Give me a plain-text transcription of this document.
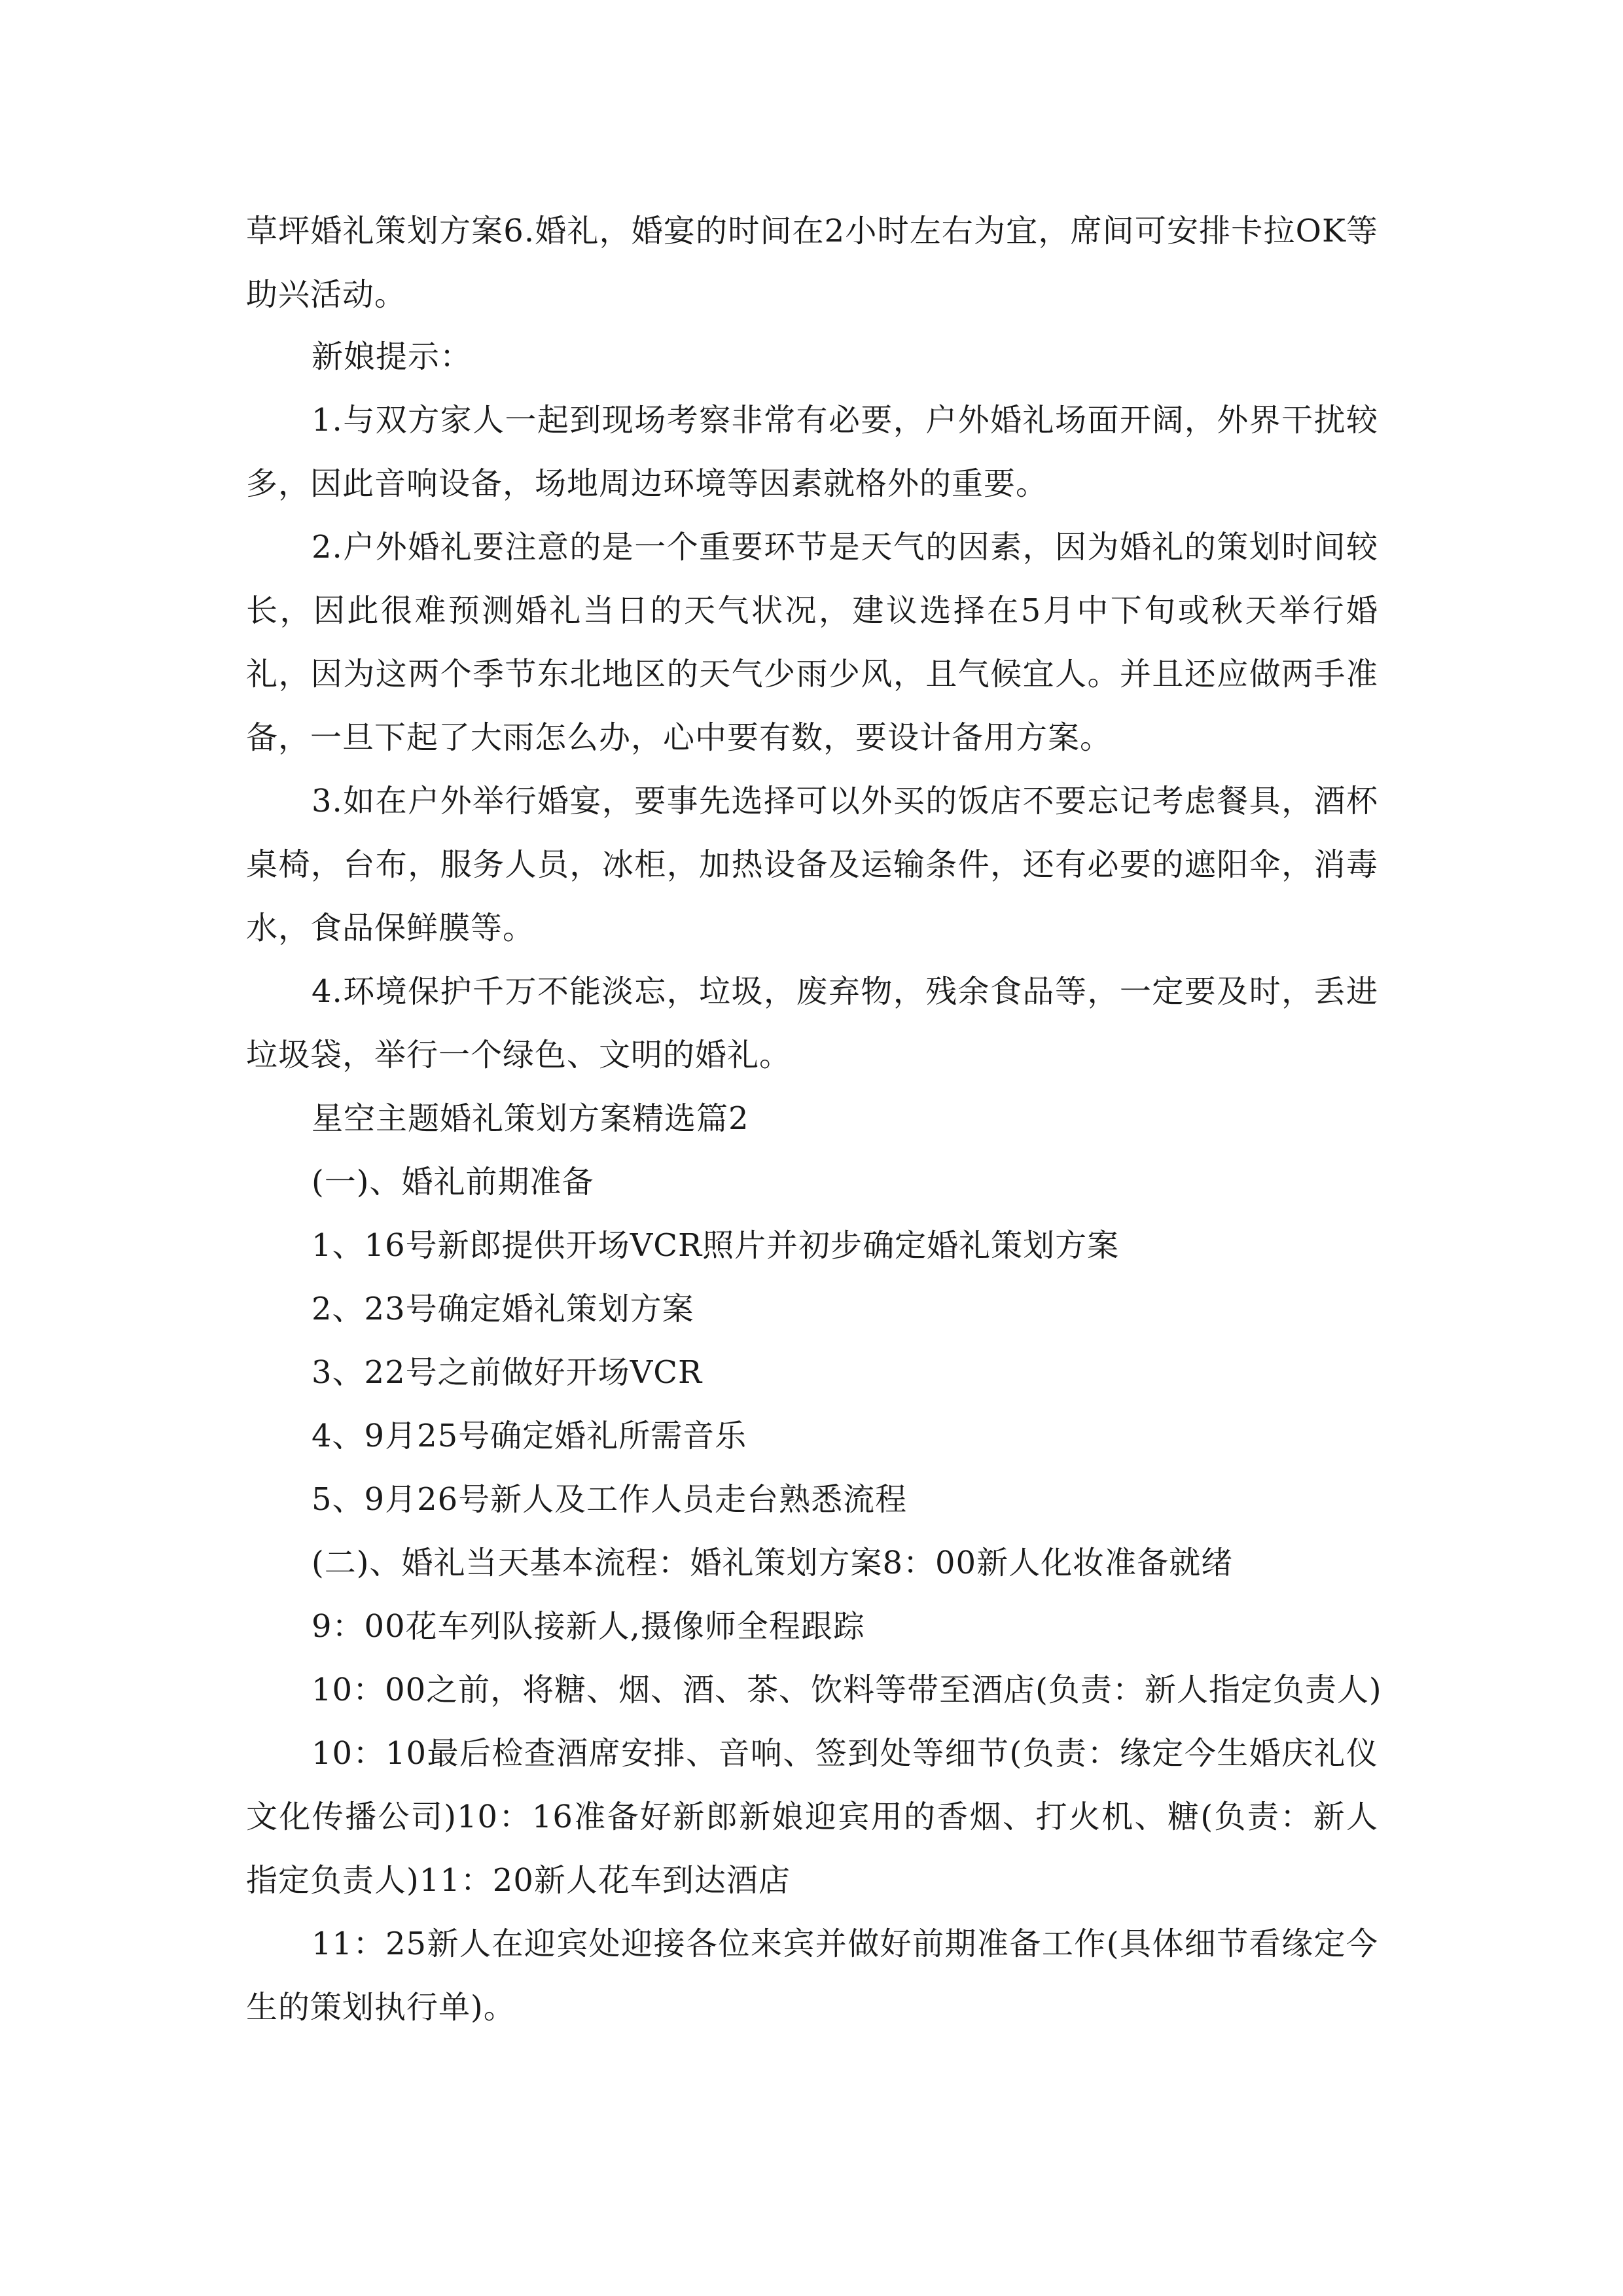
草坪婚礼策划方案6.婚礼，婚宴的时间在2小时左右为宜，席间可安排卡拉OK等助兴活动。

新娘提示：

1.与双方家人一起到现场考察非常有必要，户外婚礼场面开阔，外界干扰较多，因此音响设备，场地周边环境等因素就格外的重要。

2.户外婚礼要注意的是一个重要环节是天气的因素，因为婚礼的策划时间较长，因此很难预测婚礼当日的天气状况，建议选择在5月中下旬或秋天举行婚礼，因为这两个季节东北地区的天气少雨少风，且气候宜人。并且还应做两手准备，一旦下起了大雨怎么办，心中要有数，要设计备用方案。

3.如在户外举行婚宴，要事先选择可以外买的饭店不要忘记考虑餐具，酒杯桌椅，台布，服务人员，冰柜，加热设备及运输条件，还有必要的遮阳伞，消毒水，食品保鲜膜等。

4.环境保护千万不能淡忘，垃圾，废弃物，残余食品等，一定要及时，丢进垃圾袋，举行一个绿色、文明的婚礼。

星空主题婚礼策划方案精选篇2

(一)、婚礼前期准备

1、16号新郎提供开场VCR照片并初步确定婚礼策划方案

2、23号确定婚礼策划方案

3、22号之前做好开场VCR

4、9月25号确定婚礼所需音乐

5、9月26号新人及工作人员走台熟悉流程

(二)、婚礼当天基本流程：婚礼策划方案8：00新人化妆准备就绪

9：00花车列队接新人,摄像师全程跟踪

10：00之前，将糖、烟、酒、茶、饮料等带至酒店(负责：新人指定负责人)

10：10最后检查酒席安排、音响、签到处等细节(负责：缘定今生婚庆礼仪文化传播公司)10：16准备好新郎新娘迎宾用的香烟、打火机、糖(负责：新人指定负责人)11：20新人花车到达酒店

11：25新人在迎宾处迎接各位来宾并做好前期准备工作(具体细节看缘定今生的策划执行单)。
